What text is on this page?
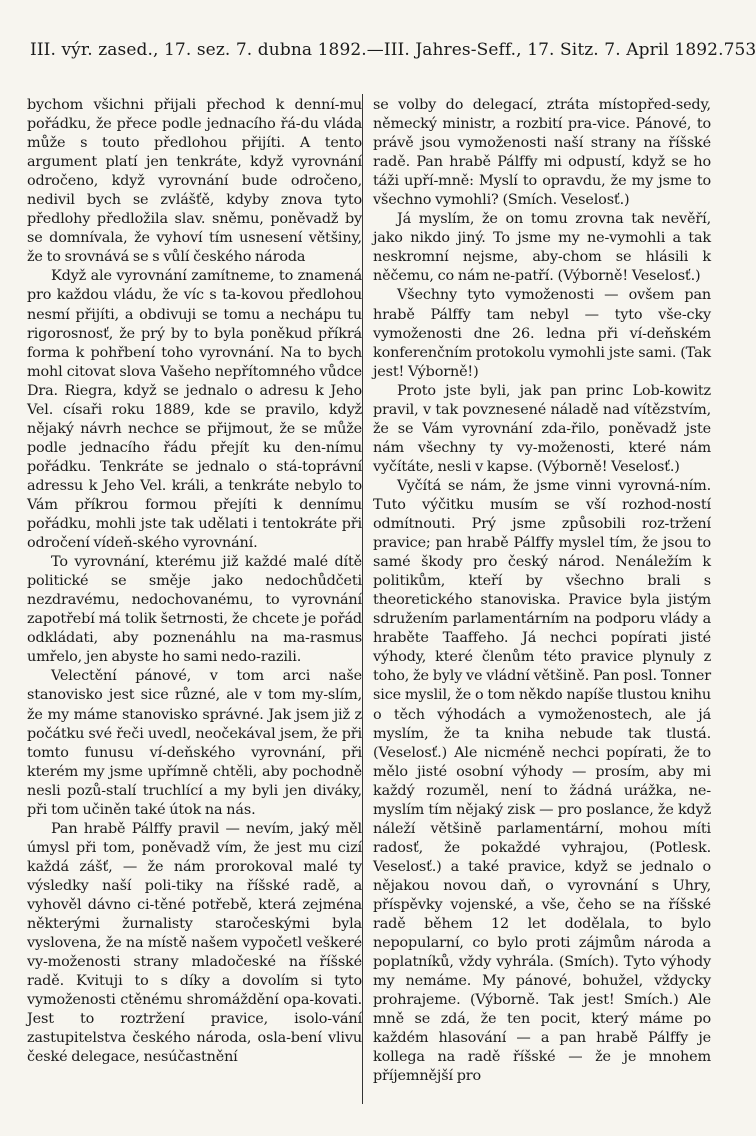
III. výr. zased., 17. sez. 7. dubna 1892. — III. Jahres-Seff., 17. Sitz. 7. April 1892. 753

bychom všichni přijali přechod k denní-mu pořádku, že přece podle jednacího řá-du vláda může s touto předlohou přijíti. A tento argument platí jen tenkráte, když vyrovnání odročeno, když vyrovnání bude odročeno, nedivil bych se zvlášťě, kdyby znova tyto předlohy předložila slav. sněmu, poněvadž by se domnívala, že vyhoví tím usnesení většiny, že to srovnává se s vůlí českého národa

Když ale vyrovnání zamítneme, to znamená pro každou vládu, že víc s ta-kovou předlohou nesmí přijíti, a obdivuji se tomu a nechápu tu rigorosnosť, že prý by to byla poněkud příkrá forma k pohřbení toho vyrovnání. Na to bych mohl citovat slova Vašeho nepřítomného vůdce Dra. Riegra, když se jednalo o adresu k Jeho Vel. císaři roku 1889, kde se pravilo, když nějaký návrh nechce se přijmout, že se může podle jednacího řádu přejít ku den-nímu pořádku. Tenkráte se jednalo o stá-toprávní adressu k Jeho Vel. králi, a tenkráte nebylo to Vám příkrou formou přejíti k dennímu pořádku, mohli jste tak udělati i tentokráte při odročení vídeň-ského vyrovnání.

To vyrovnání, kterému již každé malé dítě politické se směje jako nedochůdčeti nezdravému, nedochovanému, to vyrovnání zapotřebí má tolik šetrnosti, že chcete je pořád odkládati, aby poznenáhlu na ma-rasmus umřelo, jen abyste ho sami nedo-razili.

Velectění pánové, v tom arci naše stanovisko jest sice různé, ale v tom my-slím, že my máme stanovisko správné. Jak jsem již z počátku své řeči uvedl, neočekával jsem, že při tomto funusu ví-deňského vyrovnání, při kterém my jsme upřímně chtěli, aby pochodně nesli pozů-stalí truchlící a my byli jen diváky, při tom učiněn také útok na nás.

Pan hrabě Pálffy pravil — nevím, jaký měl úmysl při tom, poněvadž vím, že jest mu cizí každá zášť, — že nám prorokoval malé ty výsledky naší poli-tiky na říšské radě, a vyhověl dávno ci-těné potřebě, která zejména některými žurnalisty staročeskými byla vyslovena, že na místě našem vypočetl veškeré vy-moženosti strany mladočeské na říšské radě. Kvituji to s díky a dovolím si tyto vymoženosti ctěnému shromáždění opa-kovati. Jest to roztržení pravice, isolo-vání zastupitelstva českého národa, osla-bení vlivu české delegace, nesúčastnění

se volby do delegací, ztráta místopřed-sedy, německý ministr, a rozbití pra-vice. Pánové, to právě jsou vymoženosti naší strany na říšské radě. Pan hrabě Pálffy mi odpustí, když se ho táži upří-mně: Myslí to opravdu, že my jsme to všechno vymohli? (Smích. Veselosť.)

Já myslím, že on tomu zrovna tak nevěří, jako nikdo jiný. To jsme my ne-vymohli a tak neskromní nejsme, aby-chom se hlásili k něčemu, co nám ne-patří. (Výborně! Veselosť.)

Všechny tyto vymoženosti — ovšem pan hrabě Pálffy tam nebyl — tyto vše-cky vymoženosti dne 26. ledna při ví-deňském konferenčním protokolu vymohli jste sami. (Tak jest! Výborně!)

Proto jste byli, jak pan princ Lob-kowitz pravil, v tak povznesené náladě nad vítězstvím, že se Vám vyrovnání zda-řilo, poněvadž jste nám všechny ty vy-moženosti, které nám vyčítáte, nesli v kapse. (Výborně! Veselosť.)

Vyčítá se nám, že jsme vinni vyrovná-ním. Tuto výčitku musím se vší rozhod-ností odmítnouti. Prý jsme způsobili roz-tržení pravice; pan hrabě Pálffy myslel tím, že jsou to samé škody pro český národ. Nenáležím k politikům, kteří by všechno brali s theoretického stanoviska. Pravice byla jistým sdružením parlamentárním na podporu vlády a hraběte Taaffeho. Já nechci popírati jisté výhody, které členům této pravice plynuly z toho, že byly ve vládní většině. Pan posl. Tonner sice myslil, že o tom někdo napíše tlustou knihu o těch výhodách a vymoženostech, ale já myslím, že ta kniha nebude tak tlustá. (Veselosť.) Ale nicméně nechci popírati, že to mělo jisté osobní výhody — prosím, aby mi každý rozuměl, není to žádná urážka, ne-myslím tím nějaký zisk — pro poslance, že když náleží většině parlamentární, mohou míti radosť, že pokaždé vyhrajou, (Potlesk. Veselosť.) a také pravice, když se jednalo o nějakou novou daň, o vyrovnání s Uhry, příspěvky vojenské, a vše, čeho se na říšské radě během 12 let dodělala, to bylo nepopularní, co bylo proti zájmům národa a poplatníků, vždy vyhrála. (Smích). Tyto výhody my nemáme. My pánové, bohužel, vždycky prohrajeme. (Výborně. Tak jest! Smích.) Ale mně se zdá, že ten pocit, který máme po každém hlasování — a pan hrabě Pálffy je kollega na radě říšské — že je mnohem příjemnější pro
